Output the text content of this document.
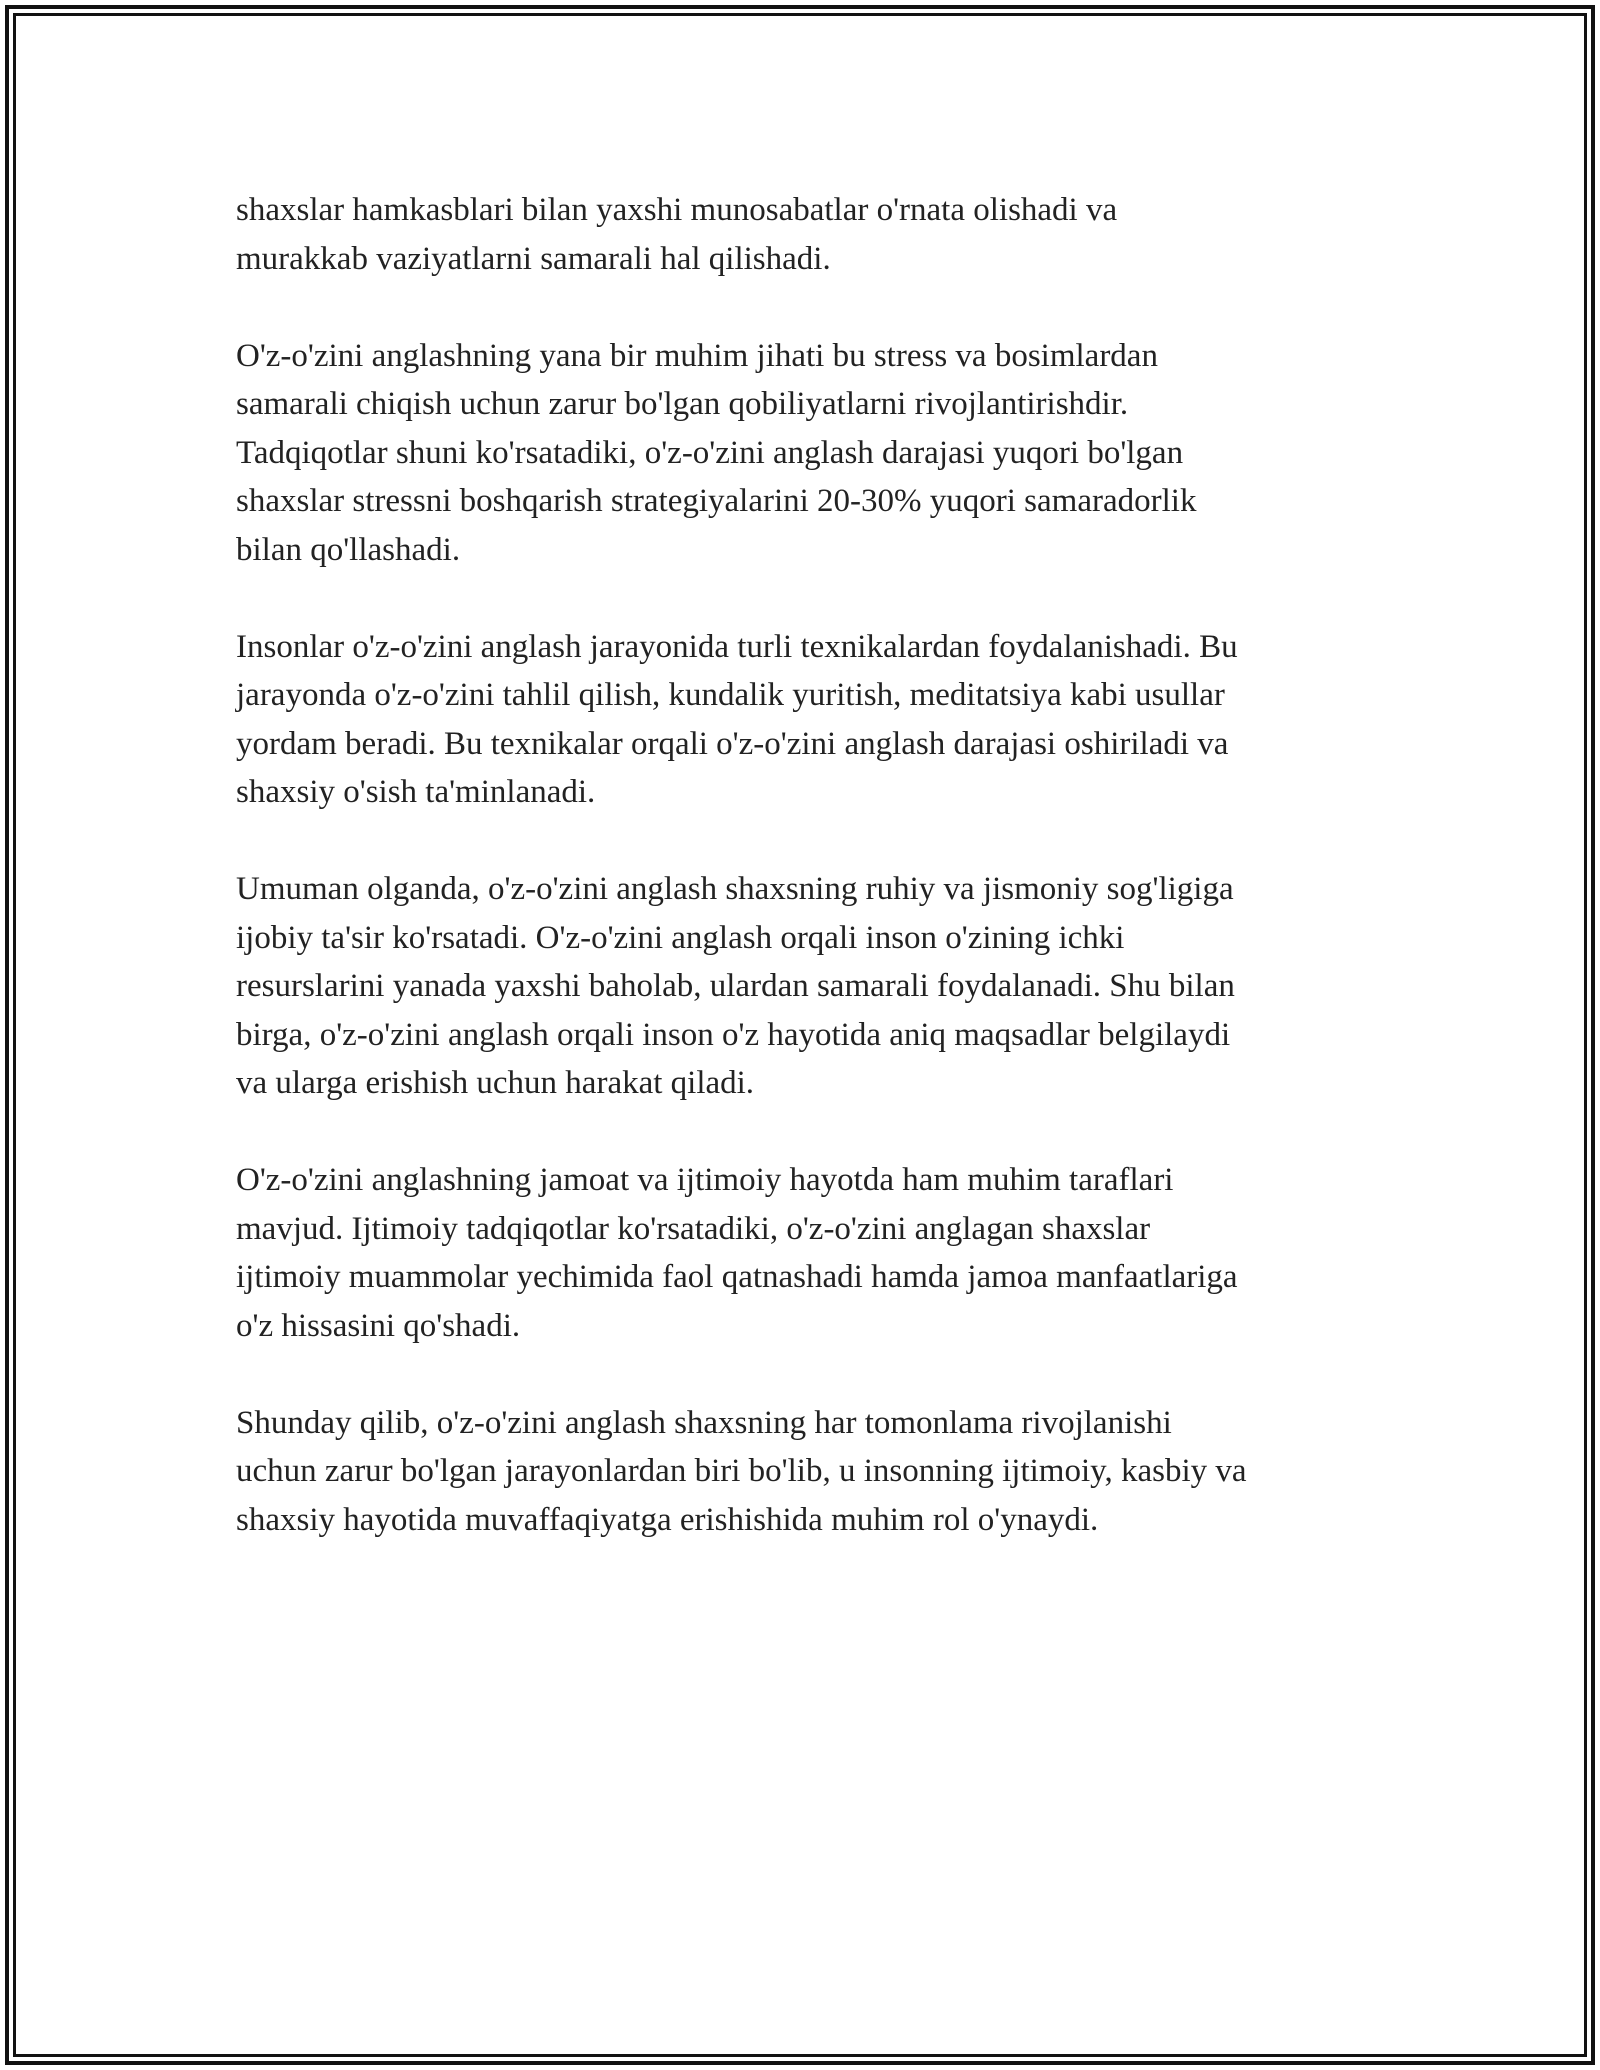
shaxslar hamkasblari bilan yaxshi munosabatlar o'rnata olishadi va
murakkab vaziyatlarni samarali hal qilishadi.

O'z-o'zini anglashning yana bir muhim jihati bu stress va bosimlardan
samarali chiqish uchun zarur bo'lgan qobiliyatlarni rivojlantirishdir.
Tadqiqotlar shuni ko'rsatadiki, o'z-o'zini anglash darajasi yuqori bo'lgan
shaxslar stressni boshqarish strategiyalarini 20-30% yuqori samaradorlik
bilan qo'llashadi.

Insonlar o'z-o'zini anglash jarayonida turli texnikalardan foydalanishadi. Bu
jarayonda o'z-o'zini tahlil qilish, kundalik yuritish, meditatsiya kabi usullar
yordam beradi. Bu texnikalar orqali o'z-o'zini anglash darajasi oshiriladi va
shaxsiy o'sish ta'minlanadi.

Umuman olganda, o'z-o'zini anglash shaxsning ruhiy va jismoniy sog'ligiga
ijobiy ta'sir ko'rsatadi. O'z-o'zini anglash orqali inson o'zining ichki
resurslarini yanada yaxshi baholab, ulardan samarali foydalanadi. Shu bilan
birga, o'z-o'zini anglash orqali inson o'z hayotida aniq maqsadlar belgilaydi
va ularga erishish uchun harakat qiladi.

O'z-o'zini anglashning jamoat va ijtimoiy hayotda ham muhim taraflari
mavjud. Ijtimoiy tadqiqotlar ko'rsatadiki, o'z-o'zini anglagan shaxslar
ijtimoiy muammolar yechimida faol qatnashadi hamda jamoa manfaatlariga
o'z hissasini qo'shadi.

Shunday qilib, o'z-o'zini anglash shaxsning har tomonlama rivojlanishi
uchun zarur bo'lgan jarayonlardan biri bo'lib, u insonning ijtimoiy, kasbiy va
shaxsiy hayotida muvaffaqiyatga erishishida muhim rol o'ynaydi.
